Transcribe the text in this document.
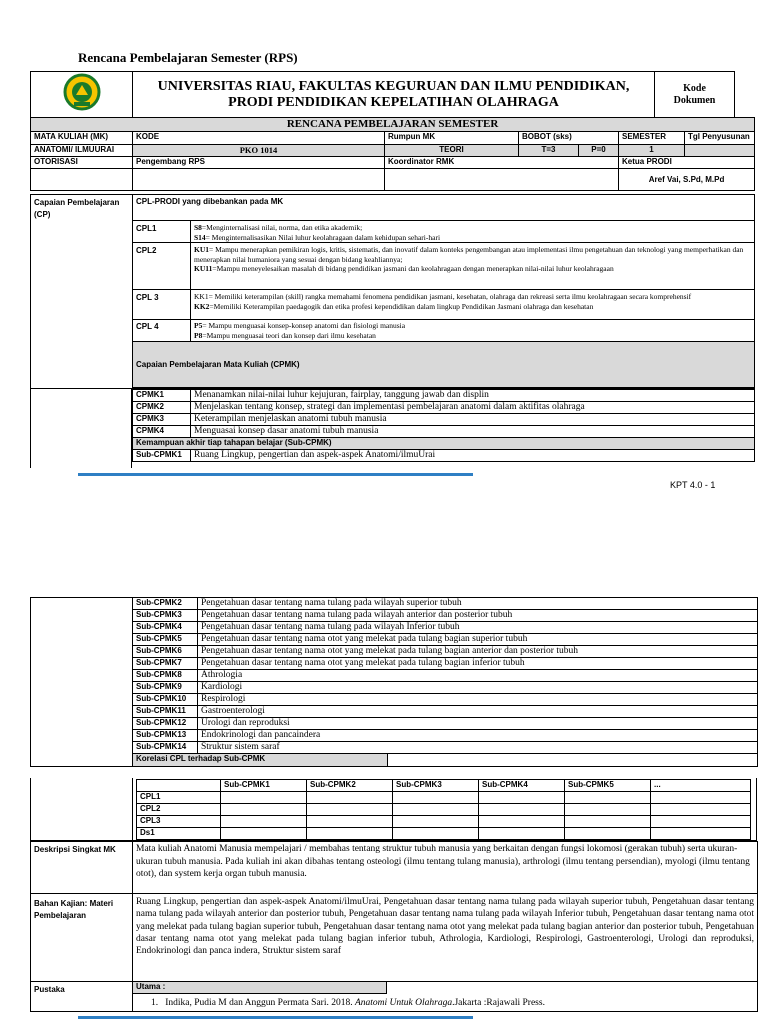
Rencana Pembelajaran Semester (RPS)

UNIVERSITAS RIAU, FAKULTAS KEGURUAN DAN ILMU PENDIDIKAN,
PRODI PENDIDIKAN KEPELATIHAN OLAHRAGA

Kode Dokumen
RENCANA PEMBELAJARAN SEMESTER						
MATA KULIAH (MK)	KODE	Rumpun MK	BOBOT (sks)		SEMESTER	Tgl Penyusunan
ANATOMI/ ILMUURAI	PKO 1014	TEORI	T=3	P=0	1	
OTORISASI	Pengembang RPS	Koordinator RMK			Ketua PRODI	
					Aref Vai, S.Pd, M.Pd	
Capaian Pembelajaran (CP)	CPL-PRODI yang dibebankan pada MK	
	CPL1	S8=Menginternalisasi nilai, norma, dan etika akademik;
S14= Menginternalisasikan Nilai luhur keolahragaan dalam kehidupan sehari-hari

	CPL2	KU1= Mampu menerapkan pemikiran logis, kritis, sistematis, dan inovatif dalam konteks pengembangan atau implementasi ilmu pengetahuan dan teknologi yang memperhatikan dan menerapkan nilai humaniora yang sesuai dengan bidang keahliannya;
KU11=Mampu meneyelesaikan masalah di bidang pendidikan jasmani dan keolahragaan dengan menerapkan nilai-nilai luhur keolahragaan

	CPL 3	KK1= Memiliki keterampilan (skill) rangka memahami fenomena pendidikan jasmani, kesehatan, olahraga dan rekreasi serta ilmu keolahragaan secara komprehensif
KK2=Memiliki Keterampilan paedagogik dan etika profesi kependidikan dalam lingkup Pendidikan Jasmani olahraga dan kesehatan

	CPL 4	P5= Mampu menguasai konsep-konsep anatomi dan fisiologi manusia
P8=Mampu menguasai teori dan konsep dari ilmu kesehatan

	Capaian Pembelajaran Mata Kuliah (CPMK)	

CPMK1	Menanamkan nilai-nilai luhur kejujuran, fairplay, tanggung jawab dan displin
CPMK2	Menjelaskan tentang konsep, strategi dan implementasi pembelajaran anatomi dalam aktifitas olahraga
CPMK3	Keterampilan menjelaskan anatomi tubuh manusia
CPMK4	Menguasai konsep dasar anatomi tubuh manusia
Kemampuan akhir tiap tahapan belajar (Sub-CPMK)	
Sub-CPMK1	Ruang Lingkup, pengertian dan aspek-aspek Anatomi/ilmuUrai
KPT 4.0 - 1
	Sub-CPMK2	Pengetahuan dasar tentang nama tulang pada wilayah superior tubuh
	Sub-CPMK3	Pengetahuan dasar tentang nama tulang pada wilayah anterior dan posterior tubuh
	Sub-CPMK4	Pengetahuan dasar tentang nama tulang pada wilayah Inferior tubuh
	Sub-CPMK5	Pengetahuan dasar tentang nama otot yang melekat pada tulang bagian superior tubuh
	Sub-CPMK6	Pengetahuan dasar tentang nama otot yang melekat pada tulang bagian anterior dan posterior tubuh
	Sub-CPMK7	Pengetahuan dasar tentang nama otot yang melekat pada tulang bagian inferior tubuh
	Sub-CPMK8	Athrologia
	Sub-CPMK9	Kardiologi
	Sub-CPMK10	Respirologi
	Sub-CPMK11	Gastroenterologi
	Sub-CPMK12	Urologi dan reproduksi
	Sub-CPMK13	Endokrinologi dan pancaindera
	Sub-CPMK14	Struktur sistem saraf

	Korelasi CPL terhadap Sub-CPMK	
	Sub-CPMK1	Sub-CPMK2	Sub-CPMK3	Sub-CPMK4	Sub-CPMK5	...
CPL1						
CPL2						
CPL3						
Ds1						
Deskripsi Singkat MK	Mata kuliah Anatomi Manusia mempelajari / membahas tentang struktur tubuh manusia yang berkaitan dengan fungsi lokomosi (gerakan tubuh) serta ukuran-ukuran tubuh manusia. Pada kuliah ini akan dibahas tentang osteologi (ilmu tentang tulang manusia), arthrologi (ilmu tentang persendian), myologi (ilmu tentang otot), dan system kerja organ tubuh manusia.
Bahan Kajian: Materi Pembelajaran	Ruang Lingkup, pengertian dan aspek-aspek Anatomi/ilmuUrai, Pengetahuan dasar tentang nama tulang pada wilayah superior tubuh, Pengetahuan dasar tentang nama tulang pada wilayah anterior dan posterior tubuh, Pengetahuan dasar tentang nama tulang pada wilayah Inferior tubuh, Pengetahuan dasar tentang nama otot yang melekat pada tulang bagian superior tubuh, Pengetahuan dasar tentang nama otot yang melekat pada tulang bagian anterior dan posterior tubuh, Pengetahuan dasar tentang nama otot yang melekat pada tulang bagian inferior tubuh, Athrologia, Kardiologi, Respirologi, Gastroenterologi, Urologi dan reproduksi, Endokrinologi dan panca indera, Struktur sistem saraf
Pustaka	Utama :
1.   Indika, Pudia M dan Anggun Permata Sari. 2018. Anatomi Untuk Olahraga.Jakarta :Rajawali Press.
